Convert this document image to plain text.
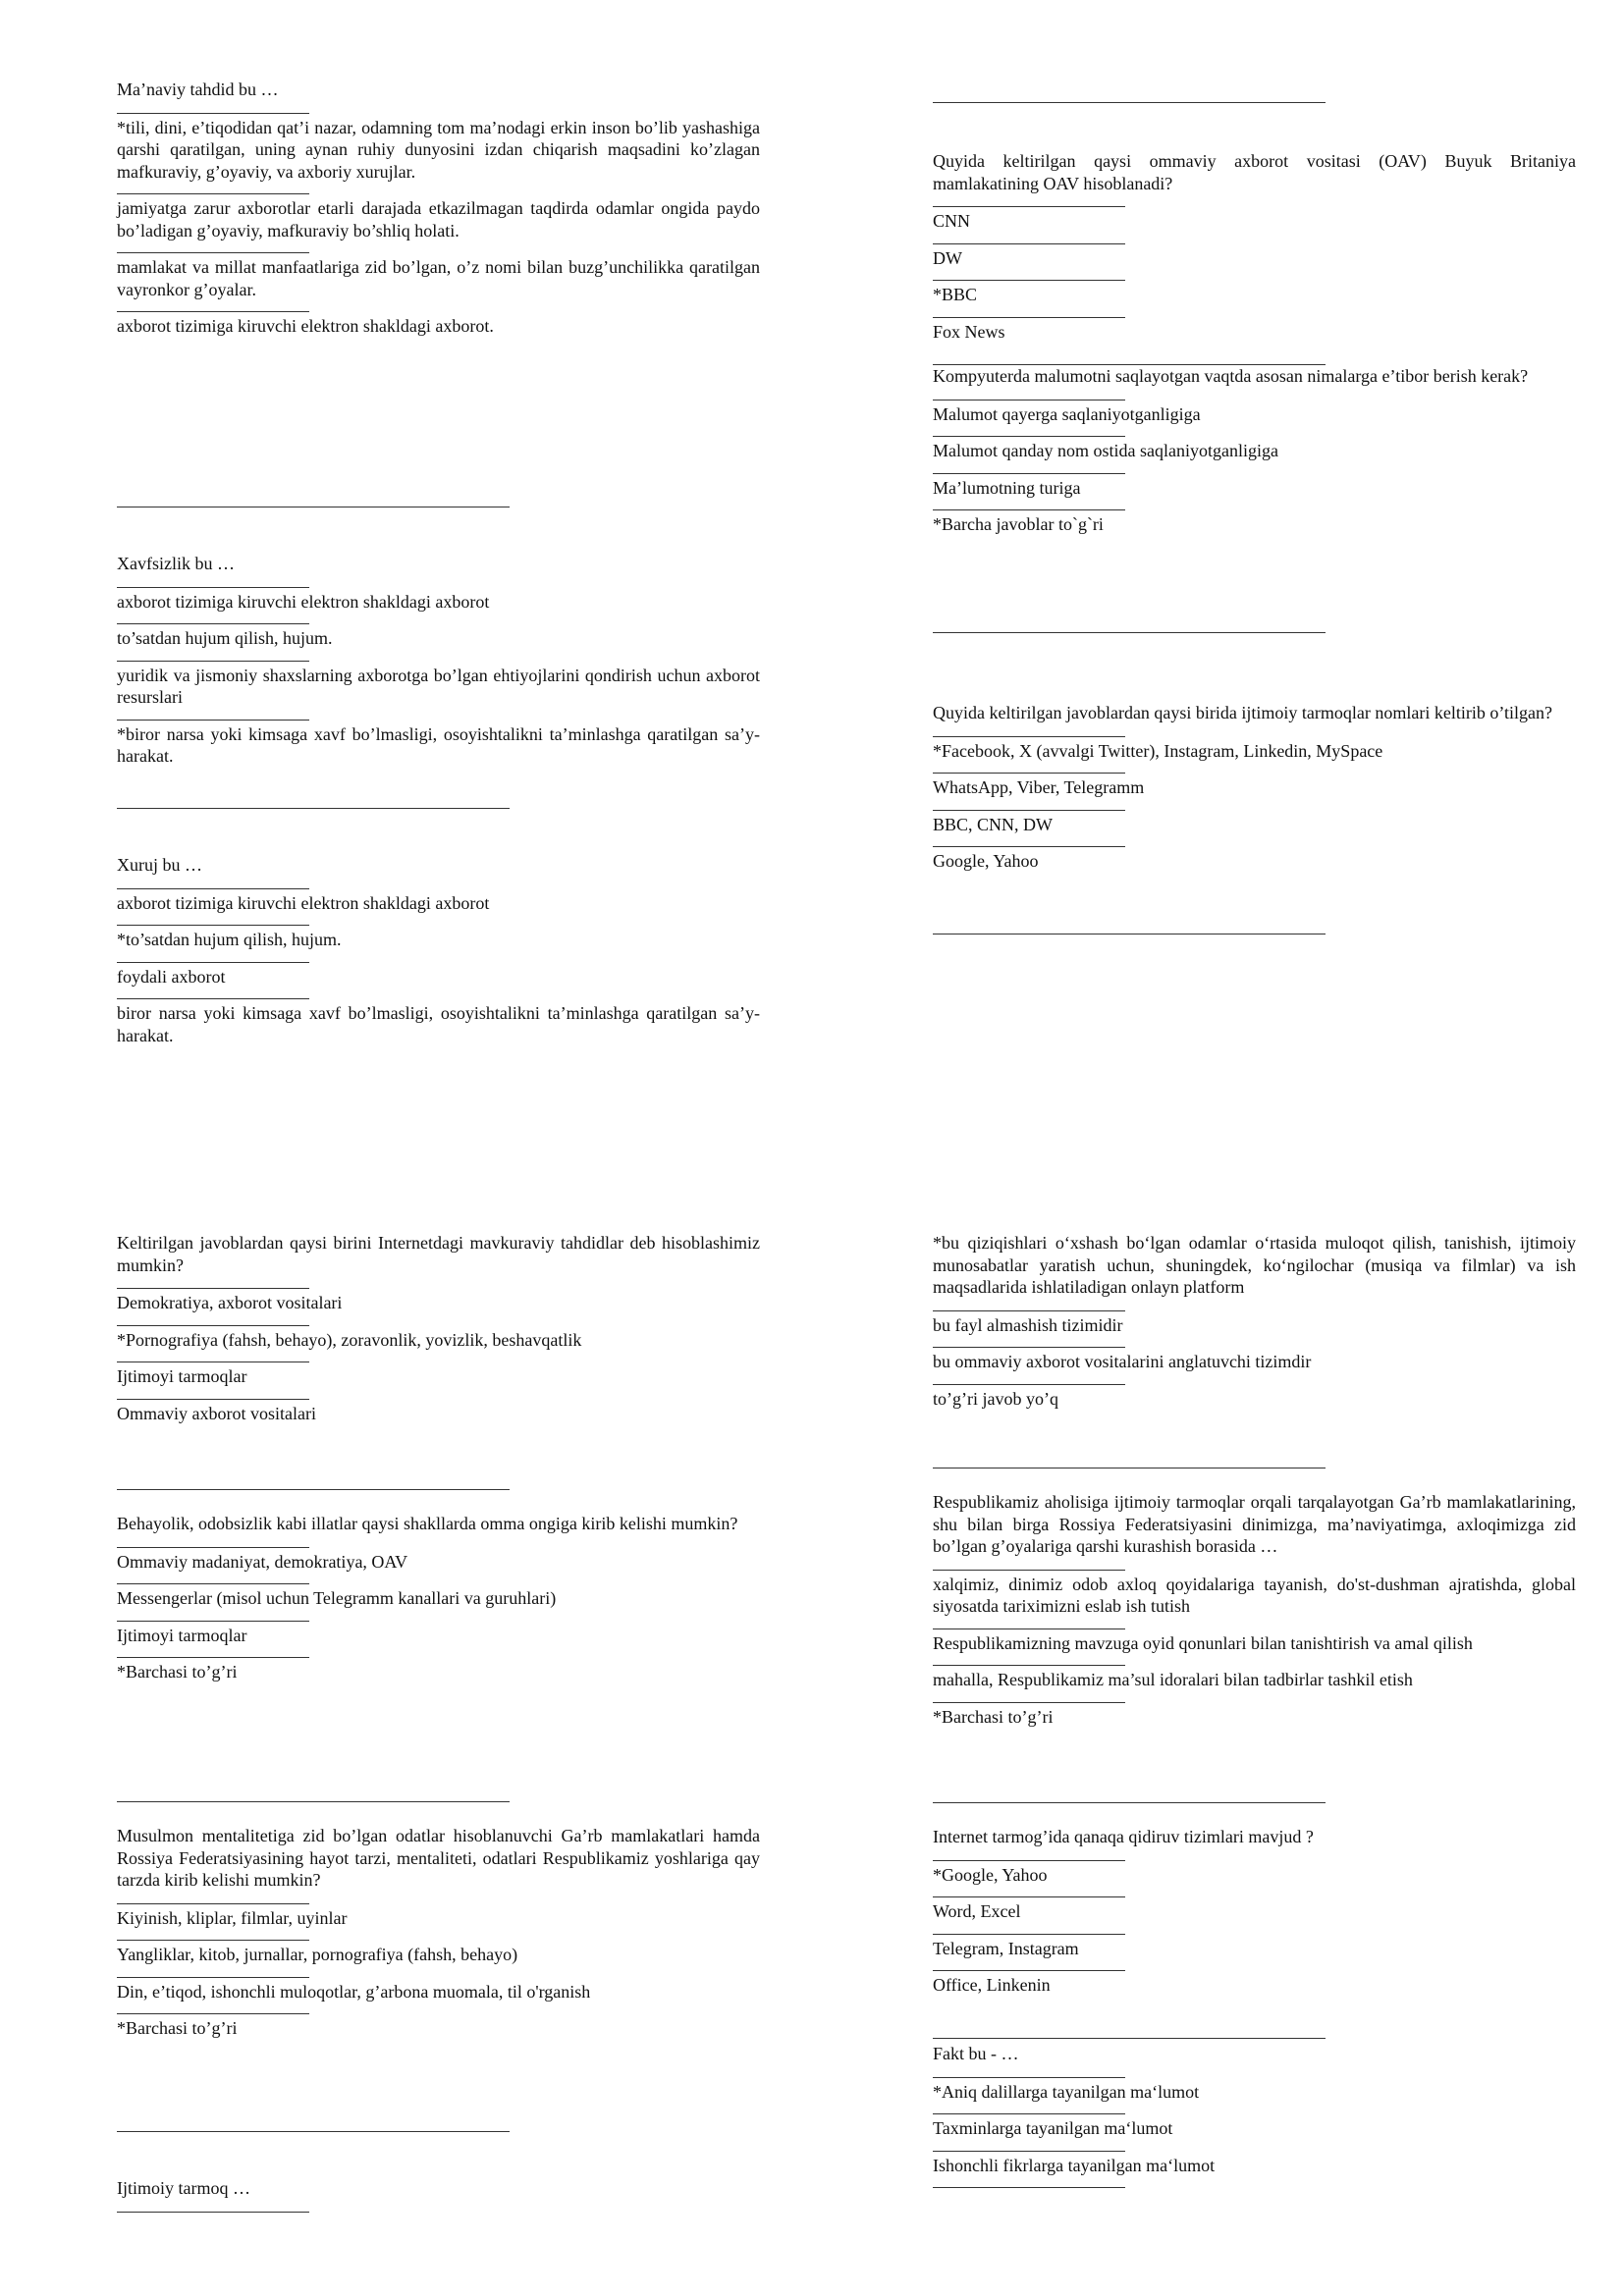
Ma’naviy tahdid bu …
*tili, dini, e’tiqodidan qat’i nazar, odamning tom ma’nodagi erkin inson bo’lib yashashiga qarshi qaratilgan, uning aynan ruhiy dunyosini izdan chiqarish maqsadini ko’zlagan mafkuraviy, g’oyaviy, va axboriy xurujlar.
jamiyatga zarur axborotlar etarli darajada etkazilmagan taqdirda odamlar ongida paydo bo’ladigan g’oyaviy, mafkuraviy bo’shliq holati.
mamlakat va millat manfaatlariga zid bo’lgan, o’z nomi bilan buzg’unchilikka qaratilgan vayronkor g’oyalar.
axborot tizimiga kiruvchi elektron shakldagi axborot.
Xavfsizlik bu …
axborot tizimiga kiruvchi elektron shakldagi axborot
to’satdan hujum qilish, hujum.
yuridik va jismoniy shaxslarning axborotga bo’lgan ehtiyojlarini qondirish uchun axborot resurslari
*biror narsa yoki kimsaga xavf bo’lmasligi, osoyishtalikni ta’minlashga qaratilgan sa’y-harakat.
Xuruj bu …
axborot tizimiga kiruvchi elektron shakldagi axborot
*to’satdan hujum qilish, hujum.
foydali axborot
biror narsa yoki kimsaga xavf bo’lmasligi, osoyishtalikni ta’minlashga qaratilgan sa’y-harakat.
Quyida keltirilgan qaysi ommaviy axborot vositasi (OAV) Buyuk Britaniya mamlakatining OAV hisoblanadi?
CNN
DW
*BBC
Fox News
Kompyuterda malumotni saqlayotgan vaqtda asosan nimalarga e’tibor berish kerak?
Malumot qayerga saqlaniyotganligiga
Malumot qanday nom ostida saqlaniyotganligiga
Ma’lumotning turiga
*Barcha javoblar to`g`ri
Quyida keltirilgan javoblardan qaysi birida ijtimoiy tarmoqlar nomlari keltirib o’tilgan?
*Facebook, X (avvalgi Twitter), Instagram, Linkedin, MySpace
WhatsApp, Viber, Telegramm
BBC, CNN, DW
Google, Yahoo
Keltirilgan javoblardan qaysi birini Internetdagi mavkuraviy tahdidlar deb hisoblashimiz mumkin?
Demokratiya, axborot vositalari
*Pornografiya (fahsh, behayo), zoravonlik, yovizlik, beshavqatlik
Ijtimoyi tarmoqlar
Ommaviy axborot vositalari
Behayolik, odobsizlik kabi illatlar qaysi shakllarda omma ongiga kirib kelishi mumkin?
Ommaviy madaniyat, demokratiya, OAV
Messengerlar (misol uchun Telegramm kanallari va guruhlari)
Ijtimoyi tarmoqlar
*Barchasi to’g’ri
Musulmon mentalitetiga zid bo’lgan odatlar hisoblanuvchi Ga’rb mamlakatlari hamda Rossiya Federatsiyasining hayot tarzi, mentaliteti, odatlari Respublikamiz yoshlariga qay tarzda kirib kelishi mumkin?
Kiyinish, kliplar, filmlar, uyinlar
Yangliklar, kitob, jurnallar, pornografiya (fahsh, behayo)
Din, e’tiqod, ishonchli muloqotlar, g’arbona muomala, til o'rganish
*Barchasi to’g’ri
Ijtimoiy tarmoq …
*bu qiziqishlari o‘xshash bo‘lgan odamlar o‘rtasida muloqot qilish, tanishish, ijtimoiy munosabatlar yaratish uchun, shuningdek, ko‘ngilochar (musiqa va filmlar) va ish maqsadlarida ishlatiladigan onlayn platform
bu fayl almashish tizimidir
bu ommaviy axborot vositalarini anglatuvchi tizimdir
to’g’ri javob yo’q
Respublikamiz aholisiga ijtimoiy tarmoqlar orqali tarqalayotgan Ga’rb mamlakatlarining, shu bilan birga Rossiya Federatsiyasini dinimizga, ma’naviyatimga, axloqimizga zid bo’lgan g’oyalariga qarshi kurashish borasida …
xalqimiz, dinimiz odob axloq qoyidalariga tayanish, do'st-dushman ajratishda, global siyosatda tariximizni eslab ish tutish
Respublikamizning mavzuga oyid qonunlari bilan tanishtirish va amal qilish
mahalla, Respublikamiz ma’sul idoralari bilan tadbirlar tashkil etish
*Barchasi to’g’ri
Internet tarmog’ida qanaqa qidiruv tizimlari mavjud ?
*Google, Yahoo
Word, Excel
Telegram, Instagram
Office, Linkenin
Fakt bu - …
*Aniq dalillarga tayanilgan ma‘lumot
Taxminlarga tayanilgan ma‘lumot
Ishonchli fikrlarga tayanilgan ma‘lumot
